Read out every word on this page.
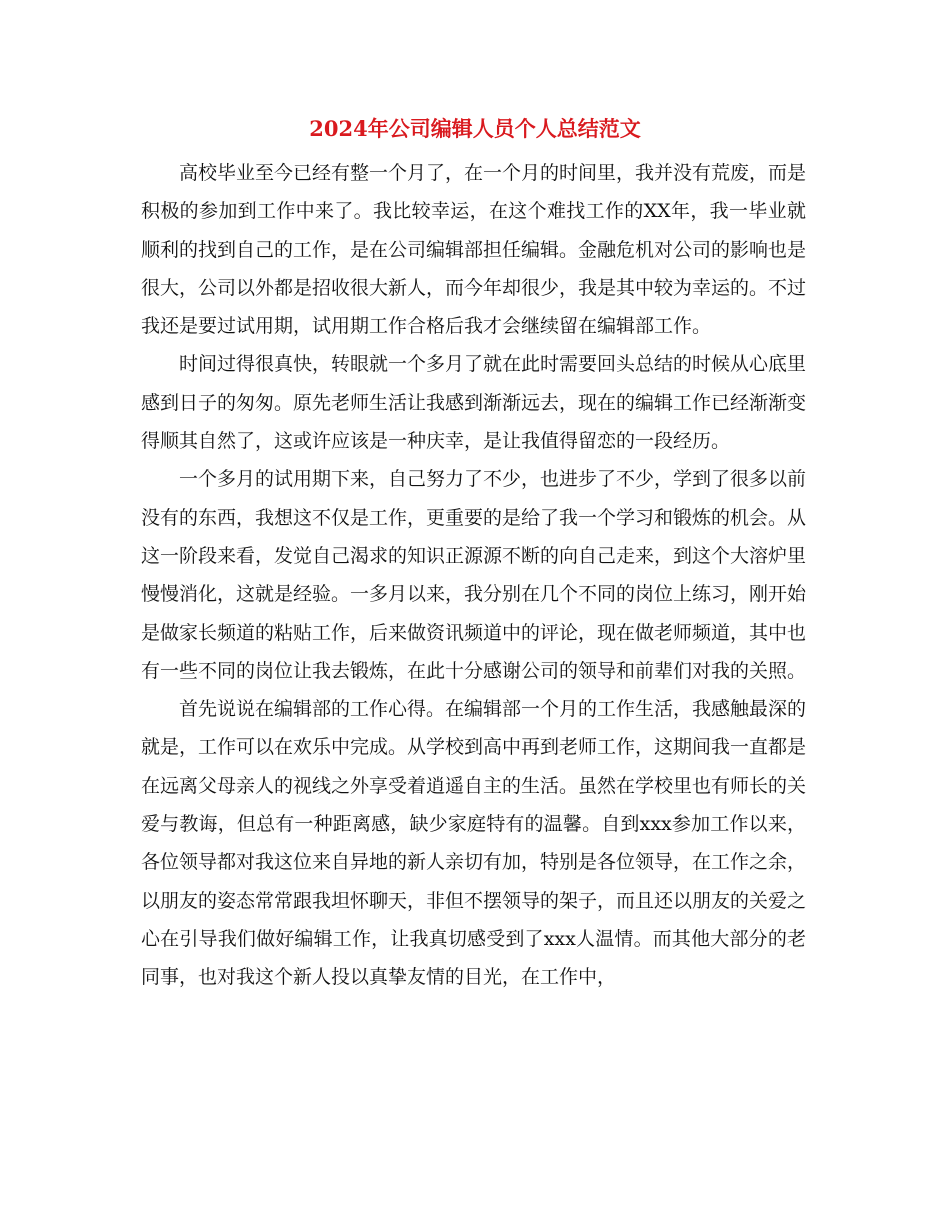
2024年公司编辑人员个人总结范文

高校毕业至今已经有整一个月了，在一个月的时间里，我并没有荒废，而是积极的参加到工作中来了。我比较幸运，在这个难找工作的XX年，我一毕业就顺利的找到自己的工作，是在公司编辑部担任编辑。金融危机对公司的影响也是很大，公司以外都是招收很大新人，而今年却很少，我是其中较为幸运的。不过我还是要过试用期，试用期工作合格后我才会继续留在编辑部工作。

时间过得很真快，转眼就一个多月了就在此时需要回头总结的时候从心底里感到日子的匆匆。原先老师生活让我感到渐渐远去，现在的编辑工作已经渐渐变得顺其自然了，这或许应该是一种庆幸，是让我值得留恋的一段经历。

一个多月的试用期下来，自己努力了不少，也进步了不少，学到了很多以前没有的东西，我想这不仅是工作，更重要的是给了我一个学习和锻炼的机会。从这一阶段来看，发觉自己渴求的知识正源源不断的向自己走来，到这个大溶炉里慢慢消化，这就是经验。一多月以来，我分别在几个不同的岗位上练习，刚开始是做家长频道的粘贴工作，后来做资讯频道中的评论，现在做老师频道，其中也有一些不同的岗位让我去锻炼，在此十分感谢公司的领导和前辈们对我的关照。

首先说说在编辑部的工作心得。在编辑部一个月的工作生活，我感触最深的就是，工作可以在欢乐中完成。从学校到高中再到老师工作，这期间我一直都是在远离父母亲人的视线之外享受着逍遥自主的生活。虽然在学校里也有师长的关爱与教诲，但总有一种距离感，缺少家庭特有的温馨。自到xxx参加工作以来，各位领导都对我这位来自异地的新人亲切有加，特别是各位领导，在工作之余，以朋友的姿态常常跟我坦怀聊天，非但不摆领导的架子，而且还以朋友的关爱之心在引导我们做好编辑工作，让我真切感受到了xxx人温情。而其他大部分的老同事，也对我这个新人投以真挚友情的目光，在工作中，
